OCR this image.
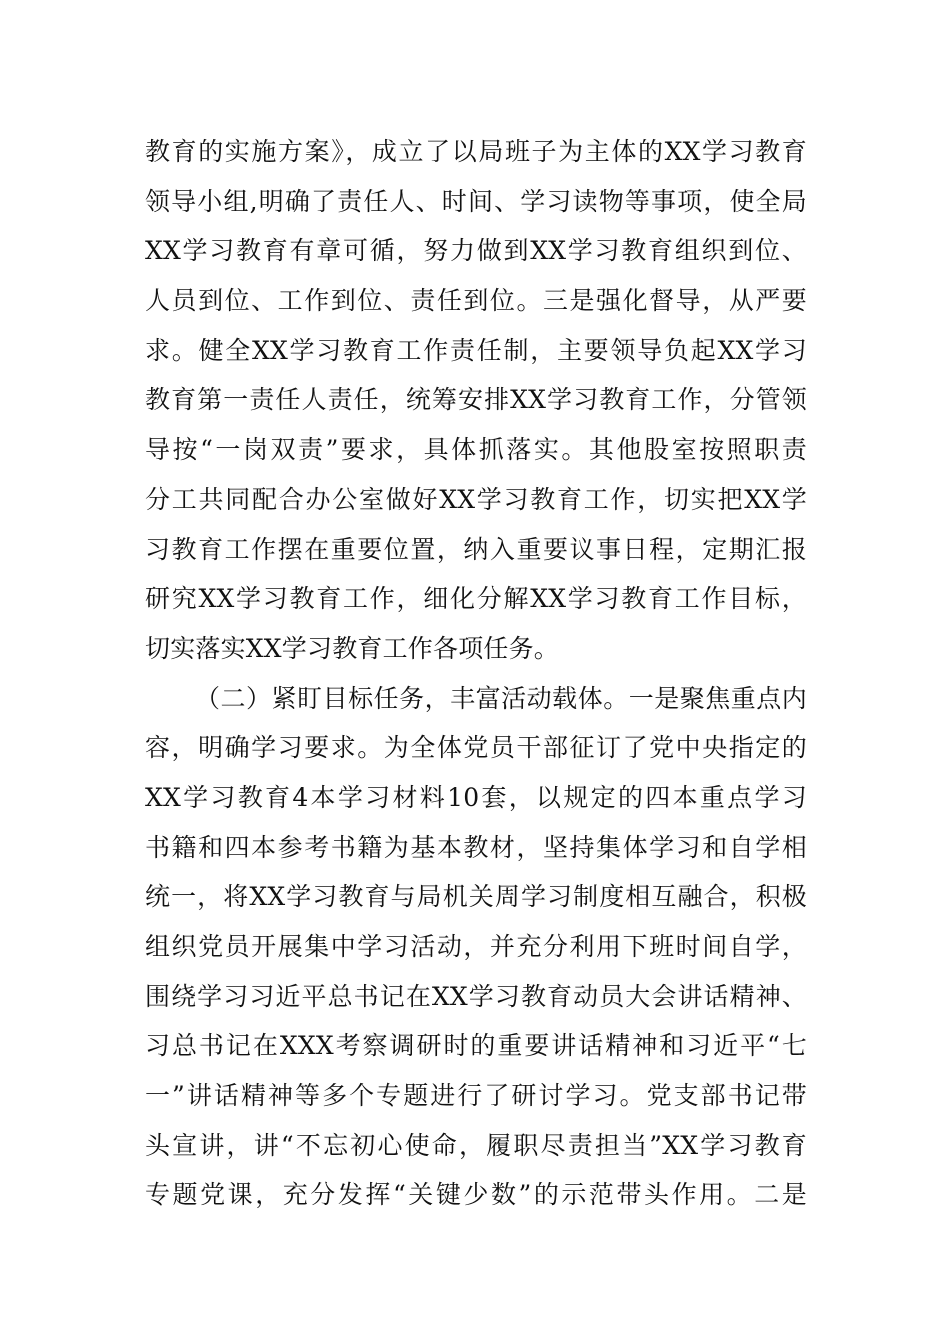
教育的实施方案》，成立了以局班子为主体的XX学习教育
领导小组,明确了责任人、时间、学习读物等事项，使全局
XX学习教育有章可循，努力做到XX学习教育组织到位、
人员到位、工作到位、责任到位。三是强化督导，从严要
求。健全XX学习教育工作责任制，主要领导负起XX学习
教育第一责任人责任，统筹安排XX学习教育工作，分管领
导按“一岗双责”要求，具体抓落实。其他股室按照职责
分工共同配合办公室做好XX学习教育工作，切实把XX学
习教育工作摆在重要位置，纳入重要议事日程，定期汇报
研究XX学习教育工作，细化分解XX学习教育工作目标，
切实落实XX学习教育工作各项任务。
（二）紧盯目标任务，丰富活动载体。一是聚焦重点内
容，明确学习要求。为全体党员干部征订了党中央指定的
XX学习教育4本学习材料10套，以规定的四本重点学习
书籍和四本参考书籍为基本教材，坚持集体学习和自学相
统一，将XX学习教育与局机关周学习制度相互融合，积极
组织党员开展集中学习活动，并充分利用下班时间自学，
围绕学习习近平总书记在XX学习教育动员大会讲话精神、
习总书记在XXX考察调研时的重要讲话精神和习近平“七
一”讲话精神等多个专题进行了研讨学习。党支部书记带
头宣讲，讲“不忘初心使命，履职尽责担当”XX学习教育
专题党课，充分发挥“关键少数”的示范带头作用。二是
